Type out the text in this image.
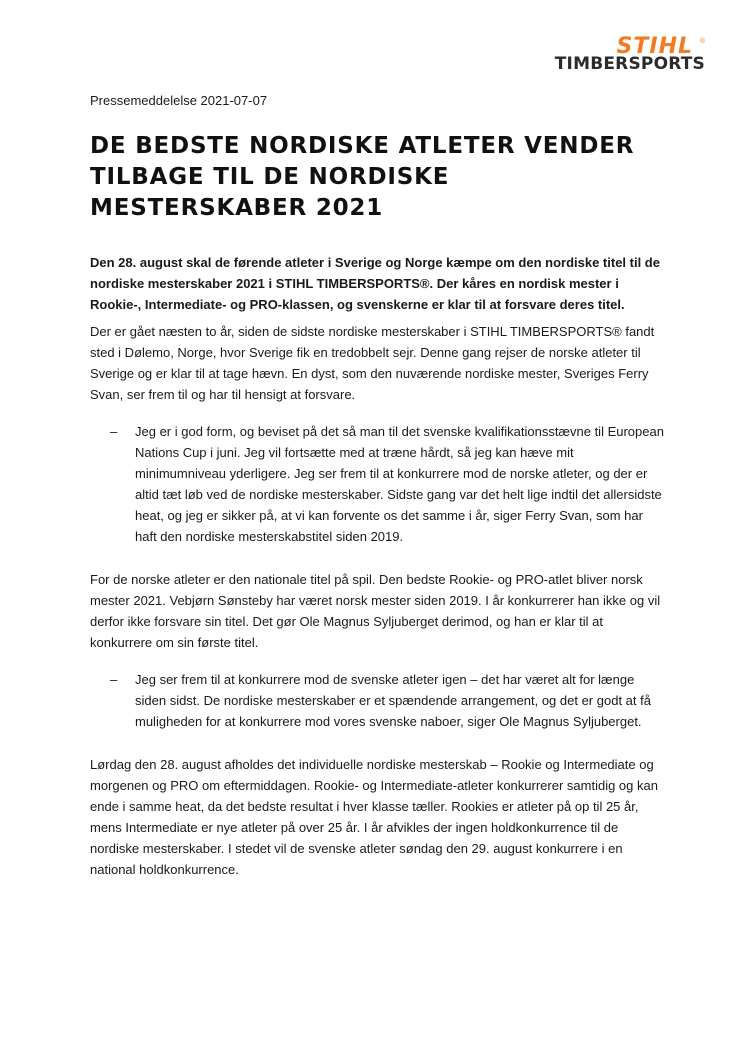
STIHL ®
TIMBERSPORTS
Pressemeddelelse 2021-07-07
DE BEDSTE NORDISKE ATLETER VENDER TILBAGE TIL DE NORDISKE MESTERSKABER 2021

Den 28. august skal de førende atleter i Sverige og Norge kæmpe om den nordiske titel til de nordiske mesterskaber 2021 i STIHL TIMBERSPORTS®. Der kåres en nordisk mester i Rookie-, Intermediate- og PRO-klassen, og svenskerne er klar til at forsvare deres titel.

Der er gået næsten to år, siden de sidste nordiske mesterskaber i STIHL TIMBERSPORTS® fandt sted i Dølemo, Norge, hvor Sverige fik en tredobbelt sejr. Denne gang rejser de norske atleter til Sverige og er klar til at tage hævn. En dyst, som den nuværende nordiske mester, Sveriges Ferry Svan, ser frem til og har til hensigt at forsvare.

– Jeg er i god form, og beviset på det så man til det svenske kvalifikationsstævne til European Nations Cup i juni. Jeg vil fortsætte med at træne hårdt, så jeg kan hæve mit minimumniveau yderligere. Jeg ser frem til at konkurrere mod de norske atleter, og der er altid tæt løb ved de nordiske mesterskaber. Sidste gang var det helt lige indtil det allersidste heat, og jeg er sikker på, at vi kan forvente os det samme i år, siger Ferry Svan, som har haft den nordiske mesterskabstitel siden 2019.

For de norske atleter er den nationale titel på spil. Den bedste Rookie- og PRO-atlet bliver norsk mester 2021. Vebjørn Sønsteby har været norsk mester siden 2019. I år konkurrerer han ikke og vil derfor ikke forsvare sin titel. Det gør Ole Magnus Syljuberget derimod, og han er klar til at konkurrere om sin første titel.

– Jeg ser frem til at konkurrere mod de svenske atleter igen – det har været alt for længe siden sidst. De nordiske mesterskaber er et spændende arrangement, og det er godt at få muligheden for at konkurrere mod vores svenske naboer, siger Ole Magnus Syljuberget.

Lørdag den 28. august afholdes det individuelle nordiske mesterskab – Rookie og Intermediate og morgenen og PRO om eftermiddagen. Rookie- og Intermediate-atleter konkurrerer samtidig og kan ende i samme heat, da det bedste resultat i hver klasse tæller. Rookies er atleter på op til 25 år, mens Intermediate er nye atleter på over 25 år. I år afvikles der ingen holdkonkurrence til de nordiske mesterskaber. I stedet vil de svenske atleter søndag den 29. august konkurrere i en national holdkonkurrence.
